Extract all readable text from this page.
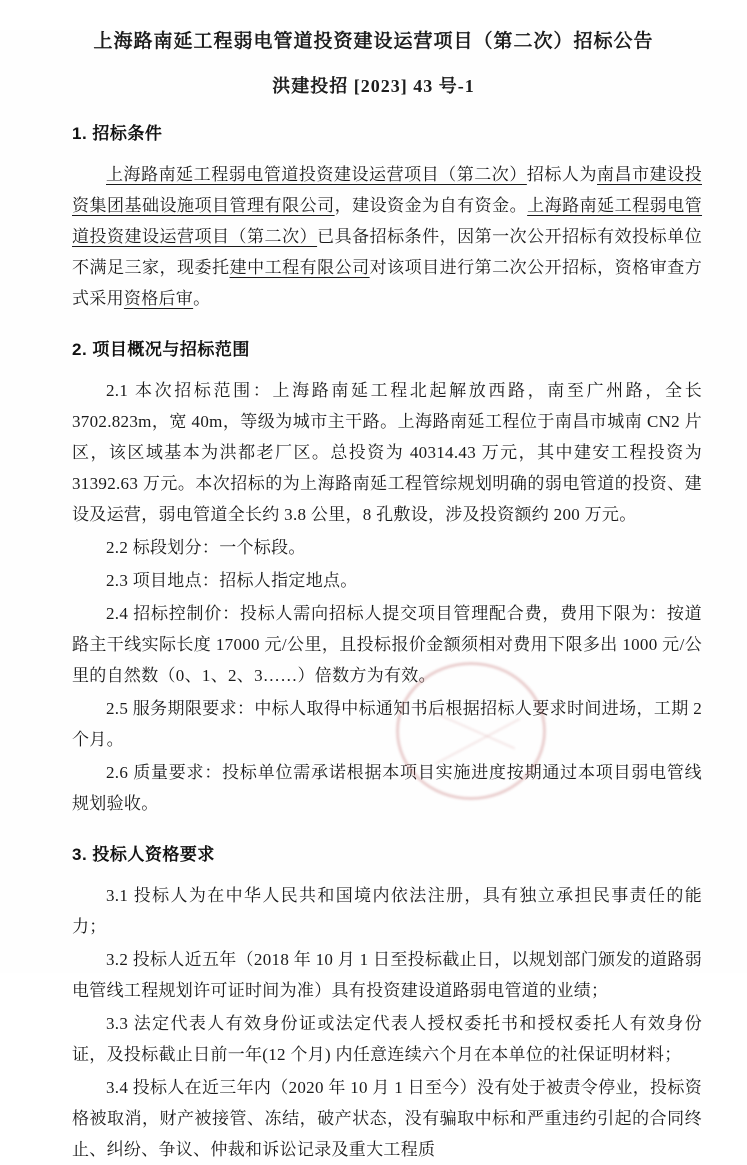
上海路南延工程弱电管道投资建设运营项目（第二次）招标公告
洪建投招 [2023] 43 号-1
1. 招标条件

上海路南延工程弱电管道投资建设运营项目（第二次）招标人为南昌市建设投资集团基础设施项目管理有限公司，建设资金为自有资金。上海路南延工程弱电管道投资建设运营项目（第二次）已具备招标条件，因第一次公开招标有效投标单位不满足三家，现委托建中工程有限公司对该项目进行第二次公开招标，资格审查方式采用资格后审。

2. 项目概况与招标范围

2.1 本次招标范围：上海路南延工程北起解放西路，南至广州路，全长 3702.823m，宽 40m，等级为城市主干路。上海路南延工程位于南昌市城南 CN2 片区，该区域基本为洪都老厂区。总投资为 40314.43 万元，其中建安工程投资为 31392.63 万元。本次招标的为上海路南延工程管综规划明确的弱电管道的投资、建设及运营，弱电管道全长约 3.8 公里，8 孔敷设，涉及投资额约 200 万元。

2.2 标段划分：一个标段。

2.3 项目地点：招标人指定地点。

2.4 招标控制价：投标人需向招标人提交项目管理配合费，费用下限为：按道路主干线实际长度 17000 元/公里，且投标报价金额须相对费用下限多出 1000 元/公里的自然数（0、1、2、3……）倍数方为有效。

2.5 服务期限要求：中标人取得中标通知书后根据招标人要求时间进场，工期 2 个月。

2.6 质量要求：投标单位需承诺根据本项目实施进度按期通过本项目弱电管线规划验收。

3. 投标人资格要求

3.1 投标人为在中华人民共和国境内依法注册，具有独立承担民事责任的能力；

3.2 投标人近五年（2018 年 10 月 1 日至投标截止日，以规划部门颁发的道路弱电管线工程规划许可证时间为准）具有投资建设道路弱电管道的业绩；

3.3 法定代表人有效身份证或法定代表人授权委托书和授权委托人有效身份证，及投标截止日前一年(12 个月) 内任意连续六个月在本单位的社保证明材料；

3.4 投标人在近三年内（2020 年 10 月 1 日至今）没有处于被责令停业，投标资格被取消，财产被接管、冻结，破产状态，没有骗取中标和严重违约引起的合同终止、纠纷、争议、仲裁和诉讼记录及重大工程质
